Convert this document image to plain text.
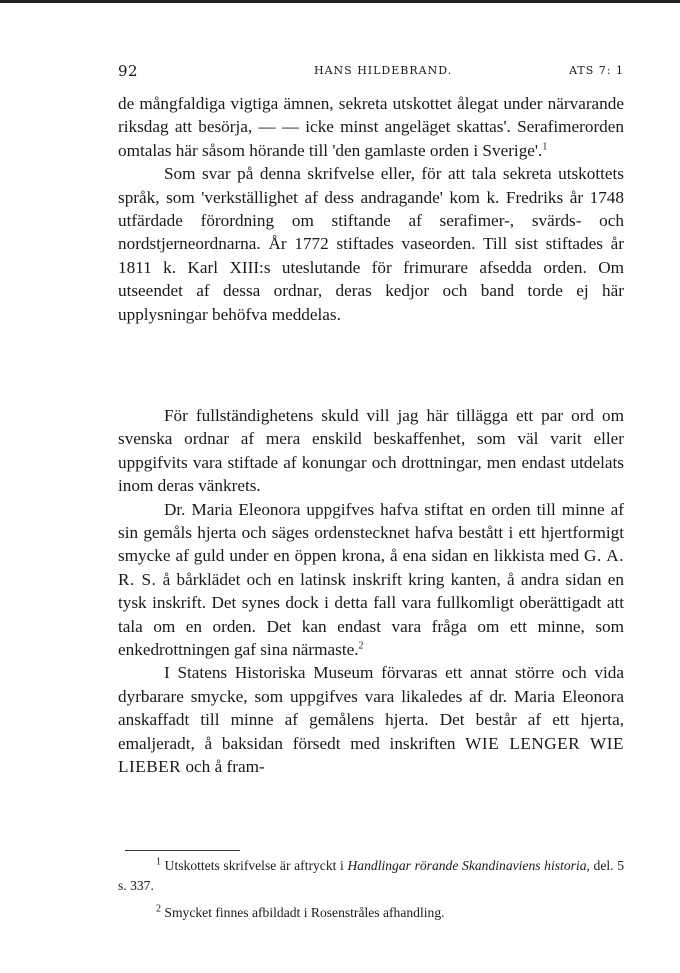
92	HANS HILDEBRAND.	ATS 7: 1

de mångfaldiga vigtiga ämnen, sekreta utskottet ålegat under närvarande riksdag att besörja, — — icke minst angeläget skattas'. Serafimerorden omtalas här såsom hörande till 'den gamlaste orden i Sverige'.$^1$

Som svar på denna skrifvelse eller, för att tala sekreta utskottets språk, som 'verkställighet af dess andragande' kom k. Fredriks år 1748 utfärdade förordning om stiftande af serafimer-, svärds- och nordstjerneordnarna. År 1772 stiftades vaseorden. Till sist stiftades år 1811 k. Karl XIII:s uteslutande för frimurare afsedda orden. Om utseendet af dessa ordnar, deras kedjor och band torde ej här upplysningar behöfva meddelas.

För fullständighetens skuld vill jag här tillägga ett par ord om svenska ordnar af mera enskild beskaffenhet, som väl varit eller uppgifvits vara stiftade af konungar och drottningar, men endast utdelats inom deras vänkrets.

Dr. Maria Eleonora uppgifves hafva stiftat en orden till minne af sin gemåls hjerta och säges ordenstecknet hafva bestått i ett hjertformigt smycke af guld under en öppen krona, å ena sidan en likkista med G. A. R. S. å bårklädet och en latinsk inskrift kring kanten, å andra sidan en tysk inskrift. Det synes dock i detta fall vara fullkomligt oberättigadt att tala om en orden. Det kan endast vara fråga om ett minne, som enkedrottningen gaf sina närmaste.$^2$

I Statens Historiska Museum förvaras ett annat större och vida dyrbarare smycke, som uppgifves vara likaledes af dr. Maria Eleonora anskaffadt till minne af gemålens hjerta. Det består af ett hjerta, emaljeradt, å baksidan försedt med inskriften WIE LENGER WIE LIEBER och å fram-

$^1$ Utskottets skrifvelse är aftryckt i Handlingar rörande Skandinaviens historia, del. 5 s. 337.

$^2$ Smycket finnes afbildadt i Rosenstråles afhandling.
